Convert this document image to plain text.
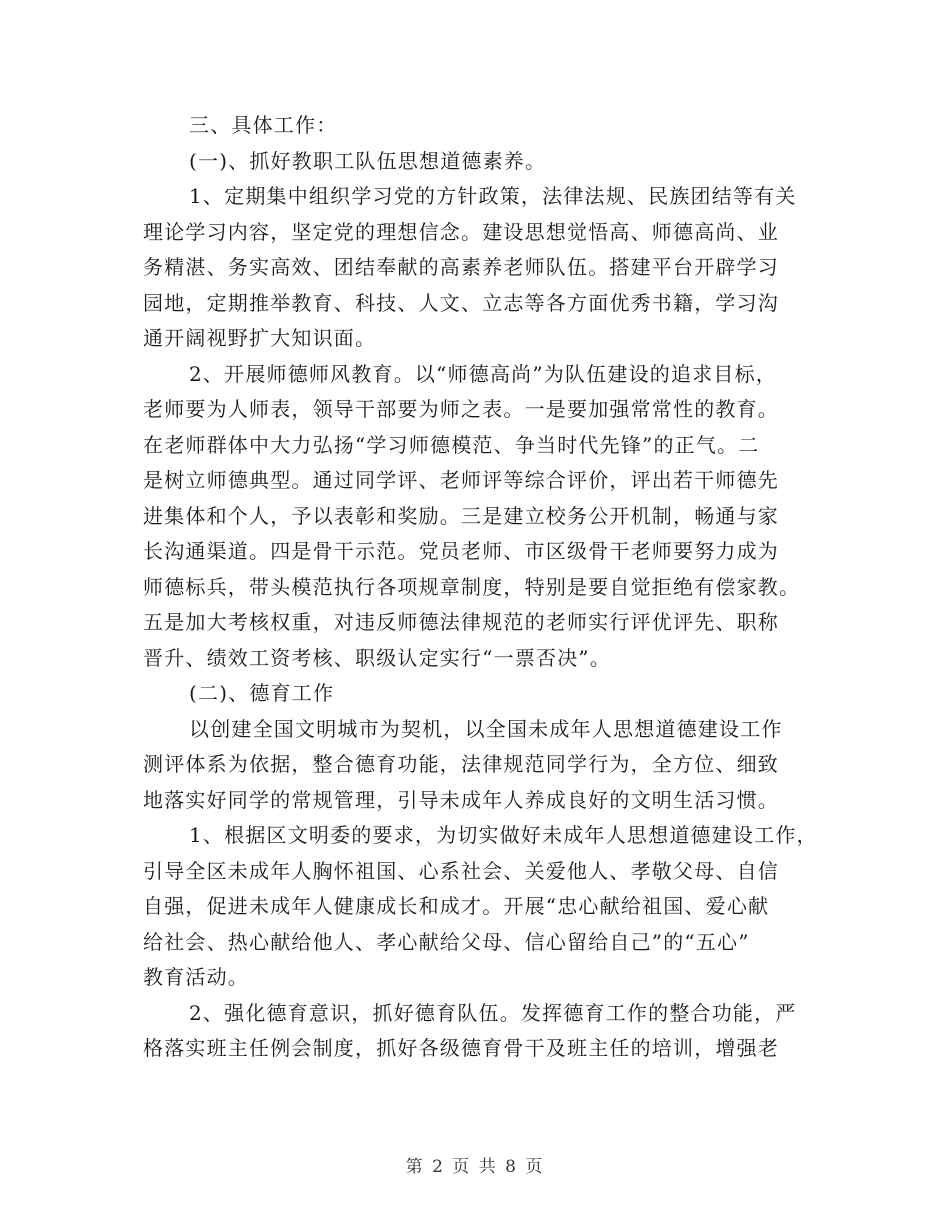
三、具体工作：
(一)、抓好教职工队伍思想道德素养。
1、定期集中组织学习党的方针政策，法律法规、民族团结等有关
理论学习内容，坚定党的理想信念。建设思想觉悟高、师德高尚、业
务精湛、务实高效、团结奉献的高素养老师队伍。搭建平台开辟学习
园地，定期推举教育、科技、人文、立志等各方面优秀书籍，学习沟
通开阔视野扩大知识面。
2、开展师德师风教育。以“师德高尚”为队伍建设的追求目标，
老师要为人师表，领导干部要为师之表。一是要加强常常性的教育。
在老师群体中大力弘扬“学习师德模范、争当时代先锋”的正气。二
是树立师德典型。通过同学评、老师评等综合评价，评出若干师德先
进集体和个人，予以表彰和奖励。三是建立校务公开机制，畅通与家
长沟通渠道。四是骨干示范。党员老师、市区级骨干老师要努力成为
师德标兵，带头模范执行各项规章制度，特别是要自觉拒绝有偿家教。
五是加大考核权重，对违反师德法律规范的老师实行评优评先、职称
晋升、绩效工资考核、职级认定实行“一票否决”。
(二)、德育工作
以创建全国文明城市为契机，以全国未成年人思想道德建设工作
测评体系为依据，整合德育功能，法律规范同学行为，全方位、细致
地落实好同学的常规管理，引导未成年人养成良好的文明生活习惯。
1、根据区文明委的要求，为切实做好未成年人思想道德建设工作，
引导全区未成年人胸怀祖国、心系社会、关爱他人、孝敬父母、自信
自强，促进未成年人健康成长和成才。开展“忠心献给祖国、爱心献
给社会、热心献给他人、孝心献给父母、信心留给自己”的“五心”
教育活动。
2、强化德育意识，抓好德育队伍。发挥德育工作的整合功能，严
格落实班主任例会制度，抓好各级德育骨干及班主任的培训，增强老
第 2 页 共 8 页
